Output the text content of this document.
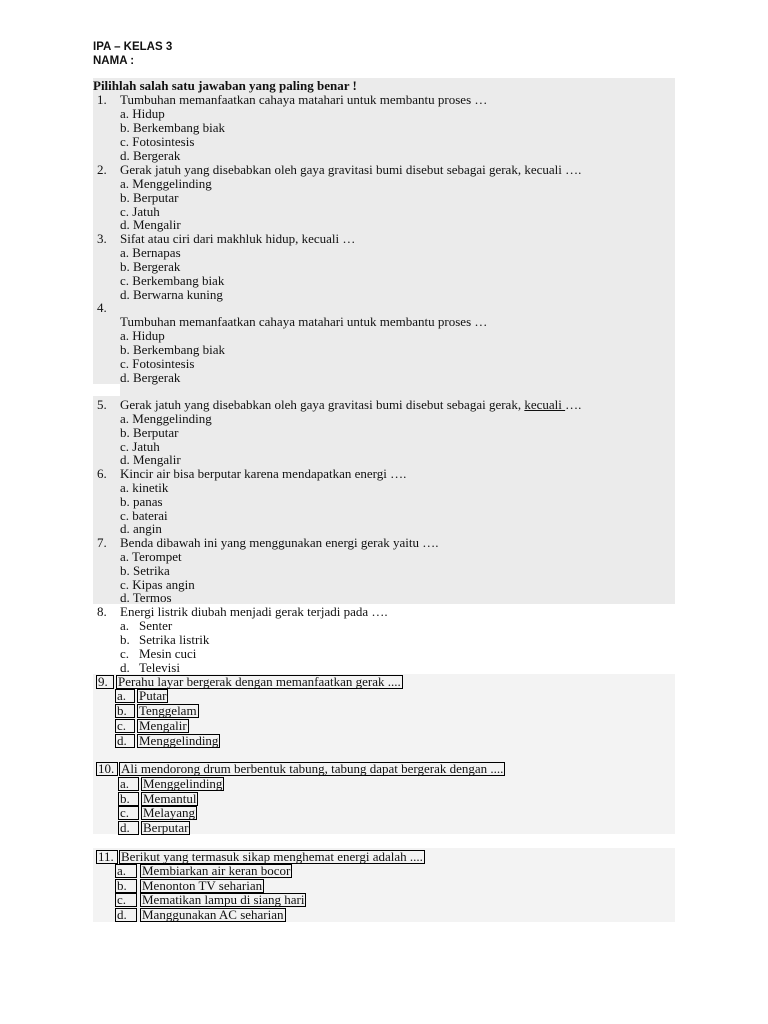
IPA – KELAS 3
NAMA :
Pilihlah salah satu jawaban yang paling benar !
1. Tumbuhan memanfaatkan cahaya matahari untuk membantu proses …
a. Hidup
b. Berkembang biak
c. Fotosintesis
d. Bergerak
2. Gerak jatuh yang disebabkan oleh gaya gravitasi bumi disebut sebagai gerak, kecuali ….
a. Menggelinding
b. Berputar
c. Jatuh
d. Mengalir
3. Sifat atau ciri dari makhluk hidup, kecuali …
a. Bernapas
b. Bergerak
c. Berkembang biak
d. Berwarna kuning
4.
Tumbuhan memanfaatkan cahaya matahari untuk membantu proses …
a. Hidup
b. Berkembang biak
c. Fotosintesis
d. Bergerak
5. Gerak jatuh yang disebabkan oleh gaya gravitasi bumi disebut sebagai gerak, kecuali ….
a. Menggelinding
b. Berputar
c. Jatuh
d. Mengalir
6. Kincir air bisa berputar karena mendapatkan energi ….
a. kinetik
b. panas
c. baterai
d. angin
7. Benda dibawah ini yang menggunakan energi gerak yaitu ….
a. Terompet
b. Setrika
c. Kipas angin
d. Termos
8. Energi listrik diubah menjadi gerak terjadi pada ….
a. Senter
b. Setrika listrik
c. Mesin cuci
d. Televisi
9. Perahu layar bergerak dengan memanfaatkan gerak ....
a. Putar
b. Tenggelam
c. Mengalir
d. Menggelinding
10. Ali mendorong drum berbentuk tabung, tabung dapat bergerak dengan ....
a. Menggelinding
b. Memantul
c. Melayang
d. Berputar
11. Berikut yang termasuk sikap menghemat energi adalah ....
a. Membiarkan air keran bocor
b. Menonton TV seharian
c. Mematikan lampu di siang hari
d. Manggunakan AC seharian
